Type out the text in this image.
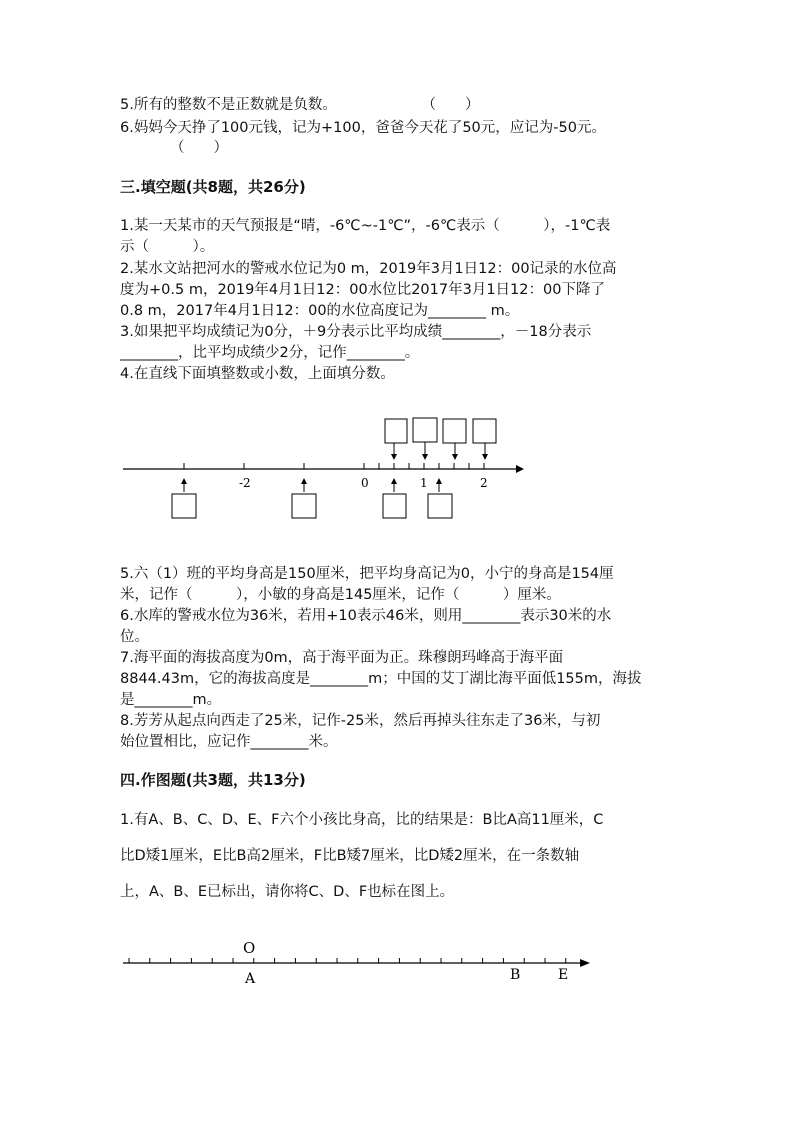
5.所有的整数不是正数就是负数。	（　　）
6.妈妈今天挣了100元钱，记为+100，爸爸今天花了50元，应记为-50元。
（　　）
三.填空题(共8题，共26分)
1.某一天某市的天气预报是“晴，-6℃~-1℃”，-6℃表示（　　　），-1℃表
示（　　　）。
2.某水文站把河水的警戒水位记为0 m，2019年3月1日12：00记录的水位高
度为+0.5 m，2019年4月1日12：00水位比2017年3月1日12：00下降了
0.8 m，2017年4月1日12：00的水位高度记为________ m。
3.如果把平均成绩记为0分，＋9分表示比平均成绩________，－18分表示
________，比平均成绩少2分，记作________。
4.在直线下面填整数或小数，上面填分数。
-2	0	1	2
5.六（1）班的平均身高是150厘米，把平均身高记为0，小宁的身高是154厘
米，记作（　　　），小敏的身高是145厘米，记作（　　　）厘米。
6.水库的警戒水位为36米，若用+10表示46米，则用________表示30米的水
位。
7.海平面的海拔高度为0m，高于海平面为正。珠穆朗玛峰高于海平面
8844.43m，它的海拔高度是________m；中国的艾丁湖比海平面低155m，海拔
是________m。
8.芳芳从起点向西走了25米，记作-25米，然后再掉头往东走了36米，与初
始位置相比，应记作________米。
四.作图题(共3题，共13分)
1.有A、B、C、D、E、F六个小孩比身高，比的结果是：B比A高11厘米，C
比D矮1厘米，E比B高2厘米，F比B矮7厘米，比D矮2厘米，在一条数轴
上，A、B、E已标出，请你将C、D、F也标在图上。
O
A	B	E
